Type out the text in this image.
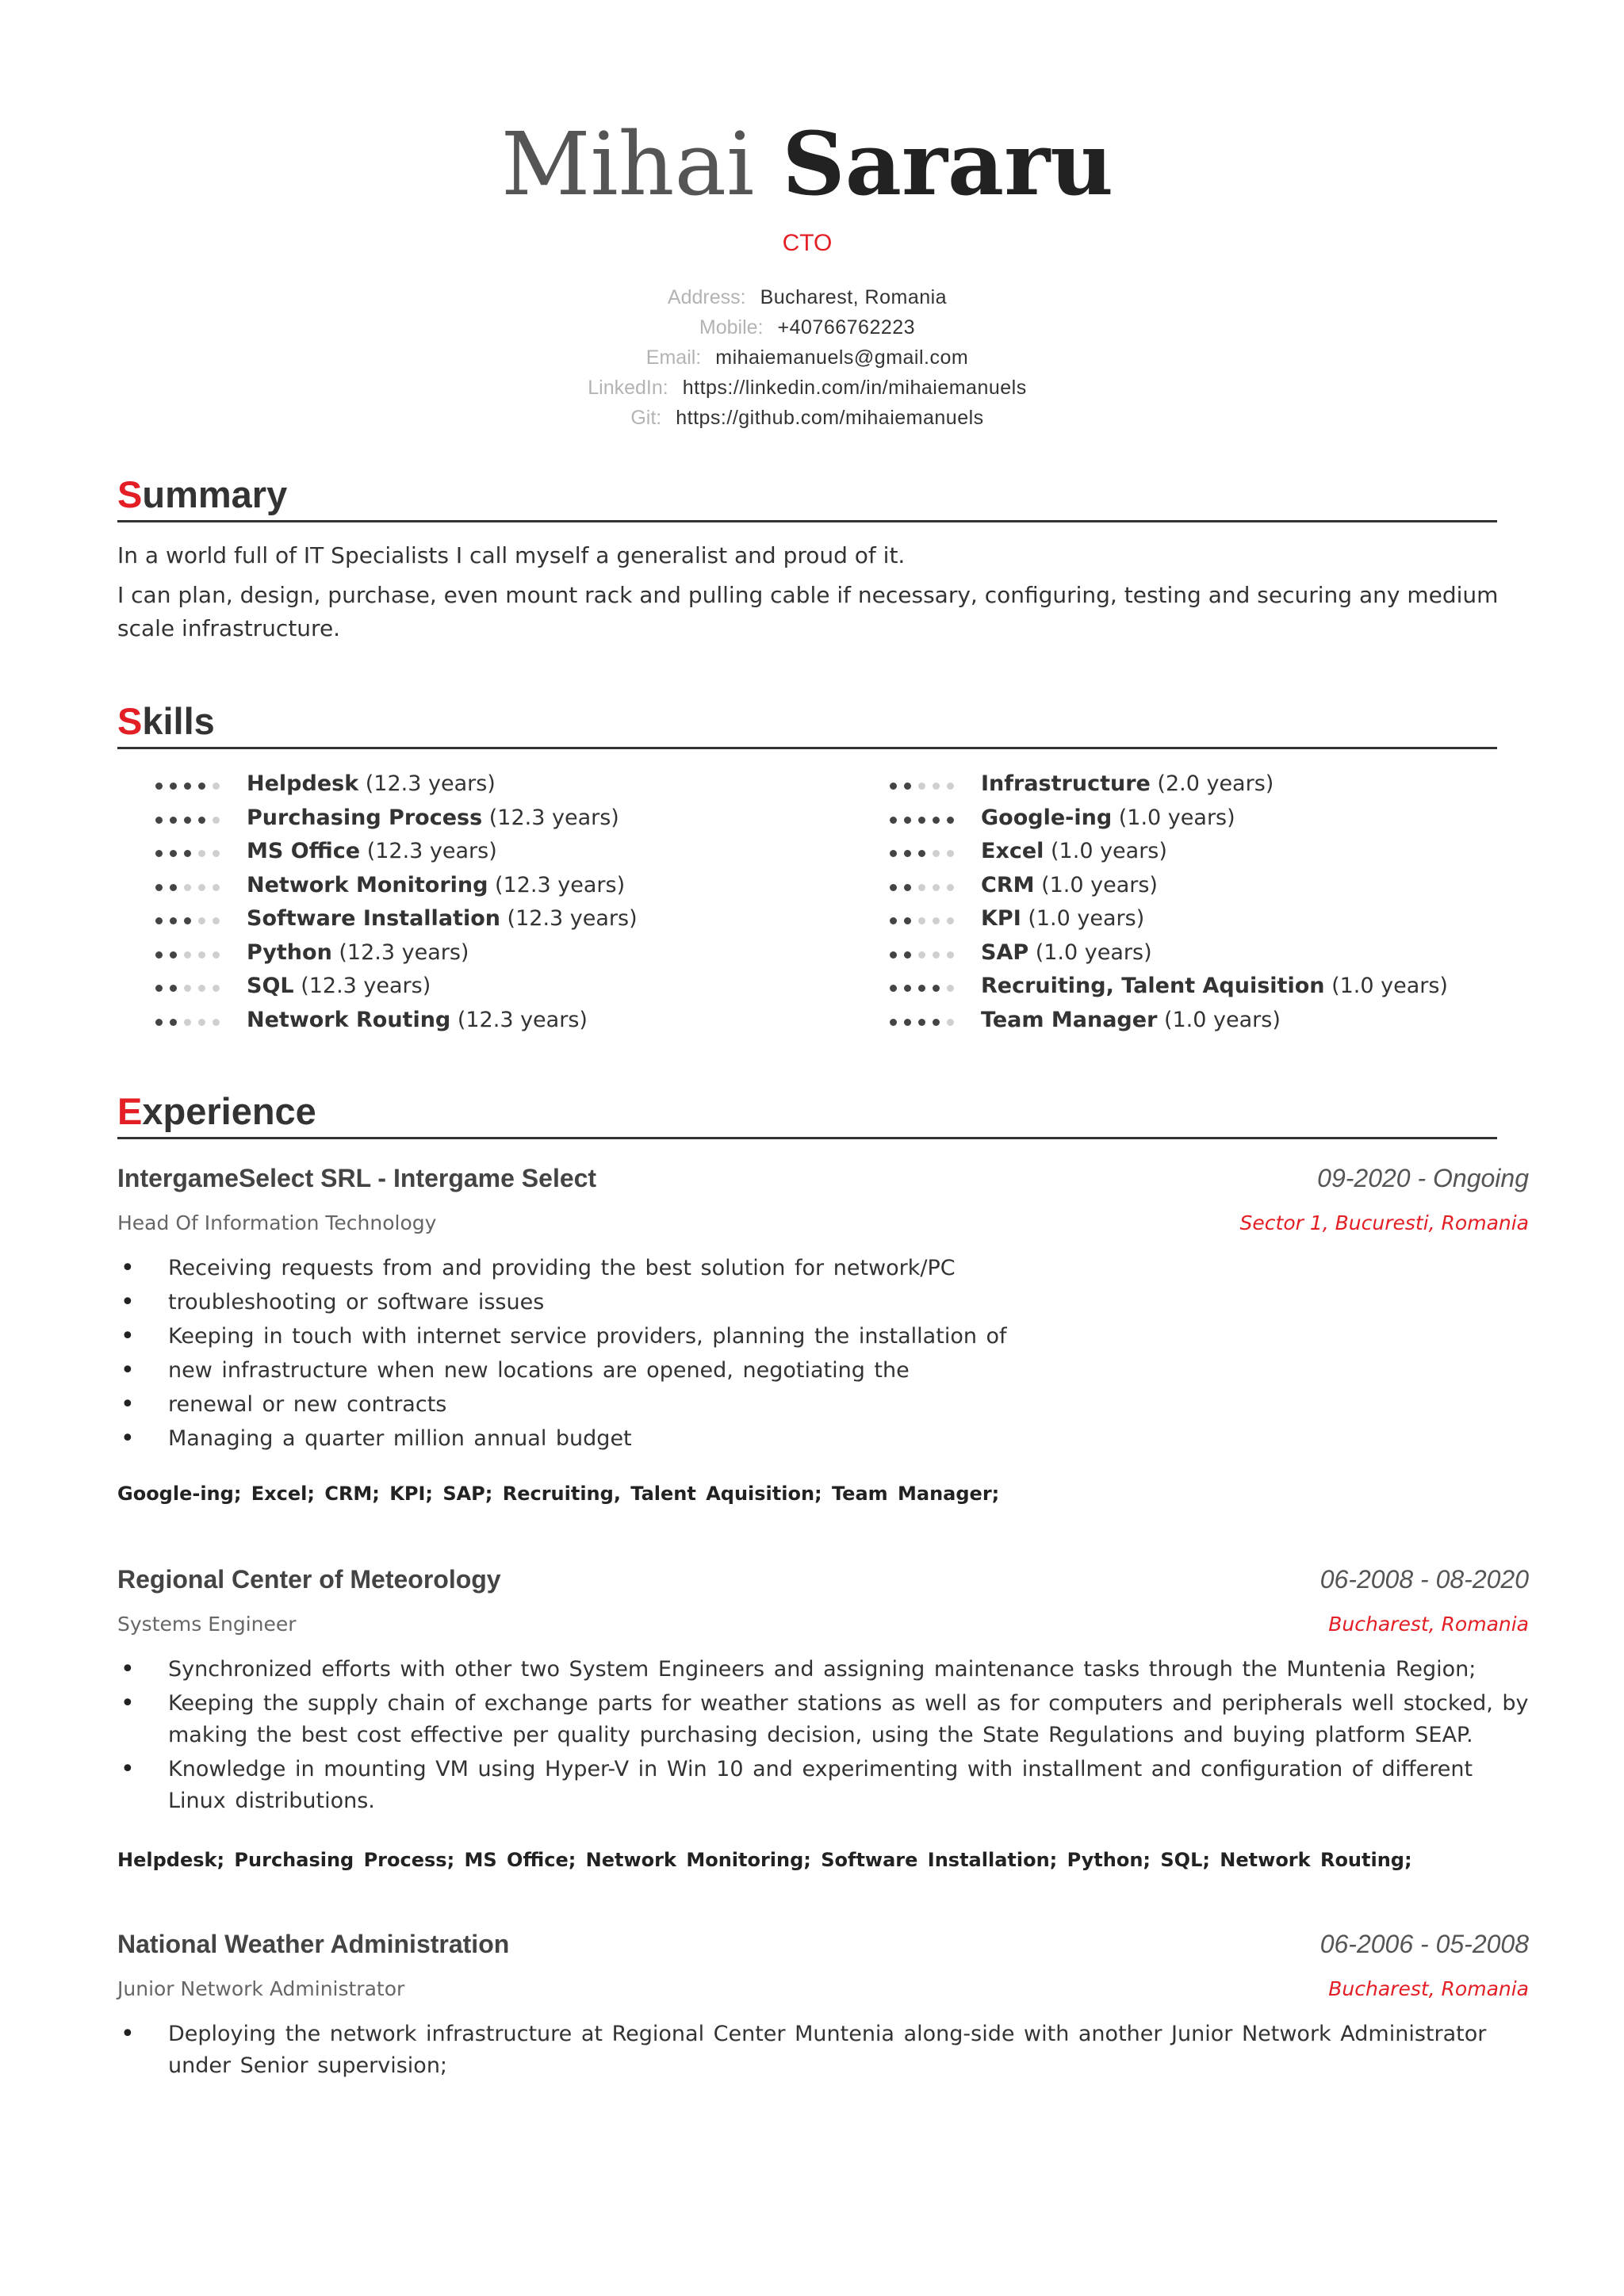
Mihai Sararu
CTO
Address: Bucharest, Romania
Mobile: +40766762223
Email: mihaiemanuels@gmail.com
LinkedIn: https://linkedin.com/in/mihaiemanuels
Git: https://github.com/mihaiemanuels
Summary

In a world full of IT Specialists I call myself a generalist and proud of it.

I can plan, design, purchase, even mount rack and pulling cable if necessary, configuring, testing and securing any medium scale infrastructure.

Skills
Helpdesk (12.3 years)
Purchasing Process (12.3 years)
MS Office (12.3 years)
Network Monitoring (12.3 years)
Software Installation (12.3 years)
Python (12.3 years)
SQL (12.3 years)
Network Routing (12.3 years)
Infrastructure (2.0 years)
Google-ing (1.0 years)
Excel (1.0 years)
CRM (1.0 years)
KPI (1.0 years)
SAP (1.0 years)
Recruiting, Talent Aquisition (1.0 years)
Team Manager (1.0 years)
Experience
IntergameSelect SRL - Intergame Select	09-2020 - Ongoing
Head Of Information Technology	Sector 1, Bucuresti, Romania
• Receiving requests from and providing the best solution for network/PC
• troubleshooting or software issues
• Keeping in touch with internet service providers, planning the installation of
• new infrastructure when new locations are opened, negotiating the
• renewal or new contracts
• Managing a quarter million annual budget
Google-ing; Excel; CRM; KPI; SAP; Recruiting, Talent Aquisition; Team Manager;
Regional Center of Meteorology	06-2008 - 08-2020
Systems Engineer	Bucharest, Romania
• Synchronized efforts with other two System Engineers and assigning maintenance tasks through the Muntenia Region;
• Keeping the supply chain of exchange parts for weather stations as well as for computers and peripherals well stocked, by making the best cost effective per quality purchasing decision, using the State Regulations and buying platform SEAP.
• Knowledge in mounting VM using Hyper-V in Win 10 and experimenting with installment and configuration of different Linux distributions.
Helpdesk; Purchasing Process; MS Office; Network Monitoring; Software Installation; Python; SQL; Network Routing;
National Weather Administration	06-2006 - 05-2008
Junior Network Administrator	Bucharest, Romania
• Deploying the network infrastructure at Regional Center Muntenia along-side with another Junior Network Administrator under Senior supervision;
